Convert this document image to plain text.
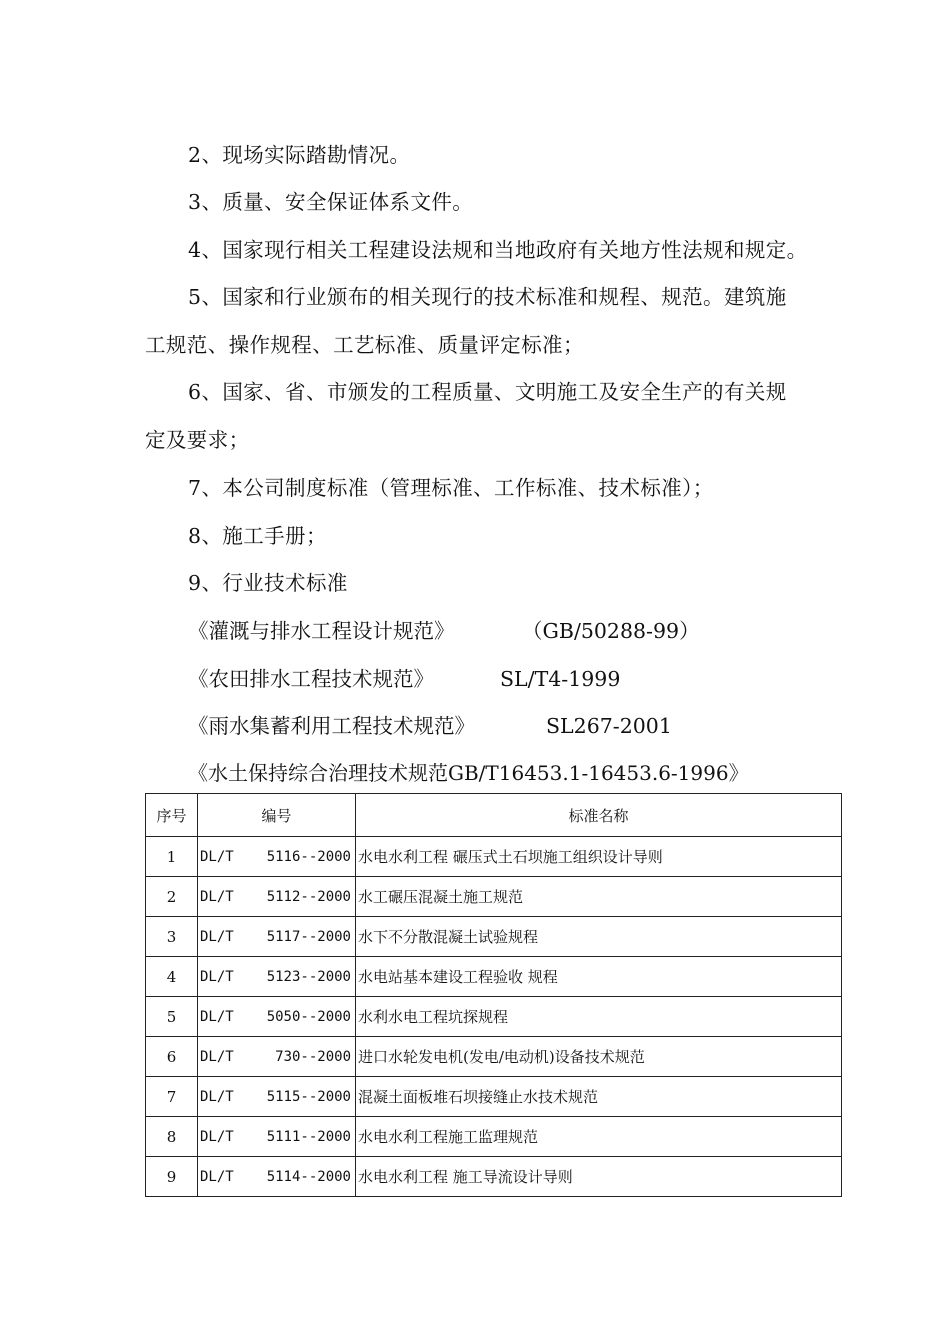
2、现场实际踏勘情况。
3、质量、安全保证体系文件。
4、国家现行相关工程建设法规和当地政府有关地方性法规和规定。
5、国家和行业颁布的相关现行的技术标准和规程、规范。建筑施
工规范、操作规程、工艺标准、质量评定标准；
6、国家、省、市颁发的工程质量、文明施工及安全生产的有关规
定及要求；
7、本公司制度标准（管理标准、工作标准、技术标准）；
8、施工手册；
9、行业技术标准
《灌溉与排水工程设计规范》	（GB/50288-99）
《农田排水工程技术规范》	SL/T4-1999
《雨水集蓄利用工程技术规范》	SL267-2001
《水土保持综合治理技术规范GB/T16453.1-16453.6-1996》
序号	编号	标准名称
1	DL/T 5116--2000	水电水利工程 碾压式土石坝施工组织设计导则
2	DL/T 5112--2000	水工碾压混凝土施工规范
3	DL/T 5117--2000	水下不分散混凝土试验规程
4	DL/T 5123--2000	水电站基本建设工程验收 规程
5	DL/T 5050--2000	水利水电工程坑探规程
6	DL/T 730--2000	进口水轮发电机(发电/电动机)设备技术规范
7	DL/T 5115--2000	混凝土面板堆石坝接缝止水技术规范
8	DL/T 5111--2000	水电水利工程施工监理规范
9	DL/T 5114--2000	水电水利工程 施工导流设计导则
